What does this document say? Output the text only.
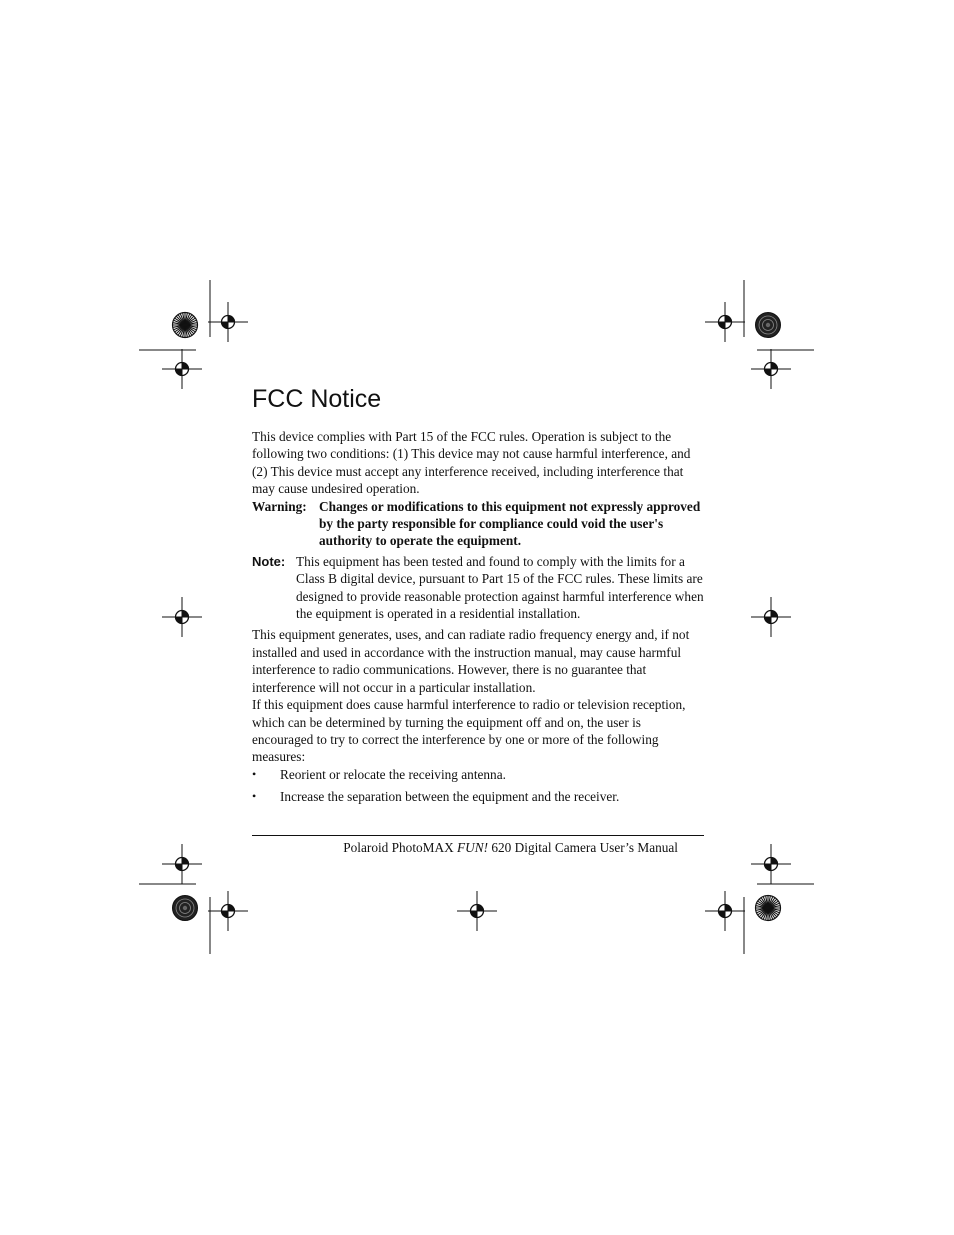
FCC Notice

This device complies with Part 15 of the FCC rules. Operation is subject to the following two conditions: (1) This device may not cause harmful interference, and (2) This device must accept any interference received, including interference that may cause undesired operation.

Warning: Changes or modifications to this equipment not expressly approved by the party responsible for compliance could void the user's authority to operate the equipment.
Note: This equipment has been tested and found to comply with the limits for a Class B digital device, pursuant to Part 15 of the FCC rules. These limits are designed to provide reasonable protection against harmful interference when the equipment is operated in a residential installation.

This equipment generates, uses, and can radiate radio frequency energy and, if not installed and used in accordance with the instruction manual, may cause harmful interference to radio communications. However, there is no guarantee that interference will not occur in a particular installation.

If this equipment does cause harmful interference to radio or television reception, which can be determined by turning the equipment off and on, the user is encouraged to try to correct the interference by one or more of the following measures:

•	Reorient or relocate the receiving antenna.
•	Increase the separation between the equipment and the receiver.
Polaroid PhotoMAX FUN! 620 Digital Camera User’s Manual
